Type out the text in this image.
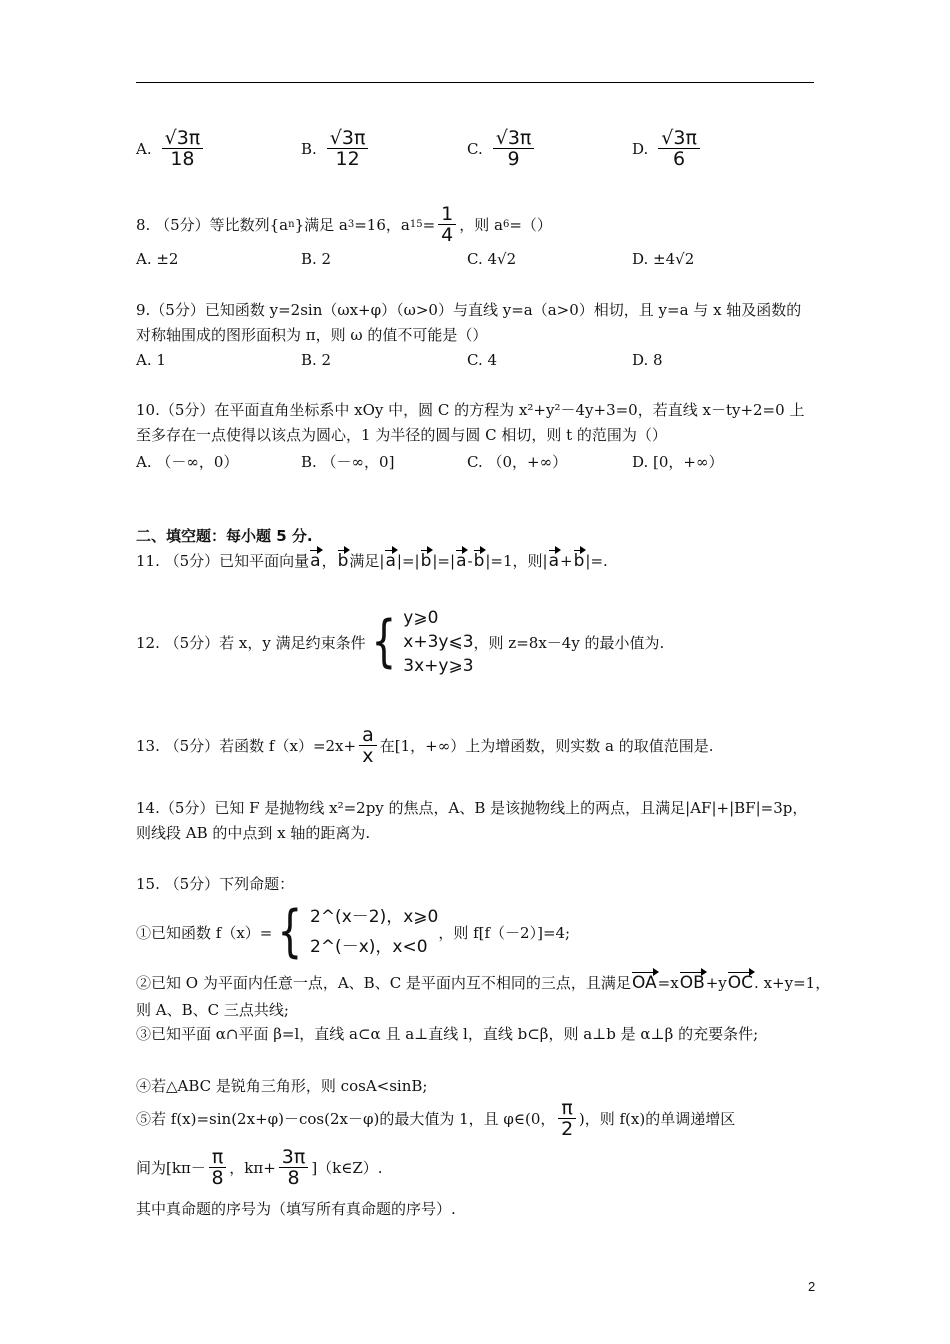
A. $\frac{√3\pi}{18}$	B. $\frac{√3\pi}{12}$	C. $\frac{√3\pi}{9}$	D. $\frac{√3\pi}{6}$
8. （5分）等比数列{a n }满足 a 3 =16，a $15 = \frac{1}{4}$ ，则 a 6 =（）
A. ±2	B. 2	C. 4√2	D. ±4√2
9.（5分）已知函数 y=2sin（ωx+φ）（ω>0）与直线 y=a（a>0）相切，且 y=a 与 x 轴及函数的对称轴围成的图形面积为 π，则 ω 的值不可能是（）
A. 1	B. 2	C. 4	D. 8
10.（5分）在平面直角坐标系中 xOy 中，圆 C 的方程为 x²+y²－4y+3=0，若直线 x－ty+2=0 上至多存在一点使得以该点为圆心，1 为半径的圆与圆 C 相切，则 t 的范围为（）
A. （－∞，0）	B. （－∞，0]	C. （0，+∞）	D. [0，+∞）
二、填空题：每小题 5 分.
11. （5分）已知平面向量 a ， b 满足| a |=| b |=| a - b |=1，则| a + b |=.
12. （5分）若 x，y 满足约束条件 { y⩾0
x+3y⩽3
3x+y⩾3
，则 z=8x－4y 的最小值为.
13. （5分）若函数 $f(x)=2x+ \frac{a}{x}$ 在[1，+∞）上为增函数，则实数 a 的取值范围是.
14.（5分）已知 F 是抛物线 x²=2py 的焦点，A、B 是该抛物线上的两点，且满足|AF|+|BF|=3p，则线段 AB 的中点到 x 轴的距离为.
15. （5分）下列命题：
①已知函数 f（x）= { 2^(x－2)，x⩾0
2^(－x)，x<0
，则 f[f（－2）]=4;
②已知 O 为平面内任意一点，A、B、C 是平面内互不相同的三点，且满足 OA =x OB +y OC . x+y=1，
则 A、B、C 三点共线;
③已知平面 α∩平面 β=l，直线 a⊂α 且 a⊥直线 l，直线 b⊂β，则 a⊥b 是 α⊥β 的充要条件;
④若△ABC 是锐角三角形，则 cosA<sinB;
⑤若 f(x)=sin(2x+φ)－cos(2x－φ)的最大值为 1，且 φ∈(0， $\frac{\pi}{2}$ )，则 f(x)的单调递增区
间为[$k\pi- \frac{\pi}{8}$ ，$k\pi+ \frac{3\pi}{8}$ ]（k∈Z）.
其中真命题的序号为（填写所有真命题的序号）.
2
